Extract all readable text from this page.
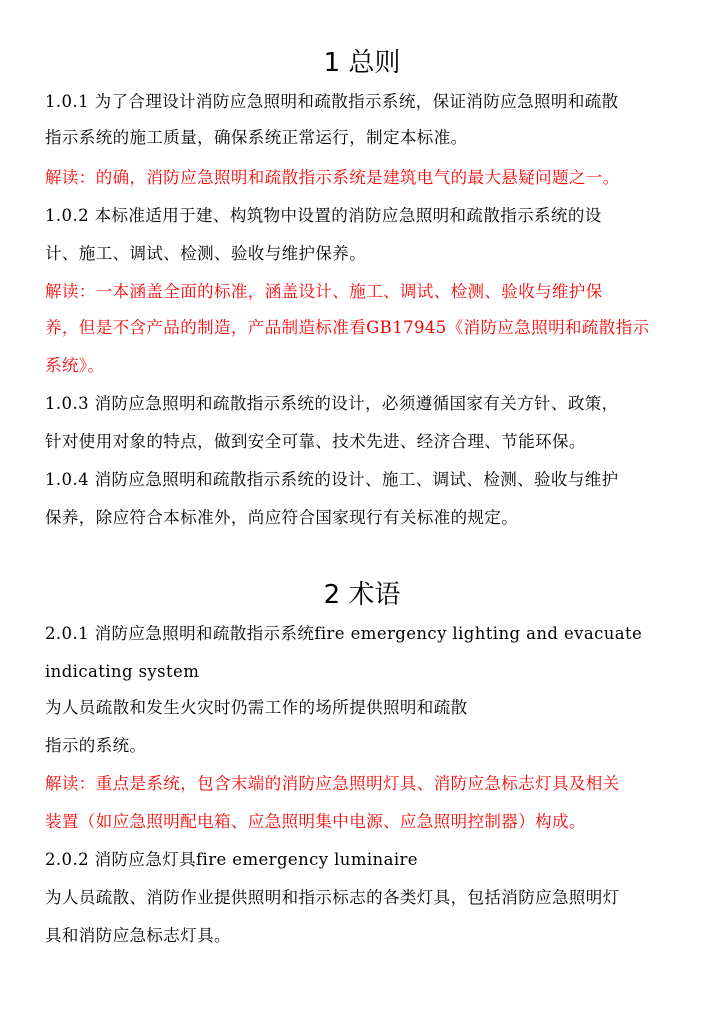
1 总则

1.0.1 为了合理设计消防应急照明和疏散指示系统，保证消防应急照明和疏散

指示系统的施工质量，确保系统正常运行，制定本标准。

解读：的确，消防应急照明和疏散指示系统是建筑电气的最大悬疑问题之一。

1.0.2 本标准适用于建、构筑物中设置的消防应急照明和疏散指示系统的设

计、施工、调试、检测、验收与维护保养。

解读：一本涵盖全面的标准，涵盖设计、施工、调试、检测、验收与维护保

养，但是不含产品的制造，产品制造标准看GB17945《消防应急照明和疏散指示

系统》。

1.0.3 消防应急照明和疏散指示系统的设计，必须遵循国家有关方针、政策，

针对使用对象的特点，做到安全可靠、技术先进、经济合理、节能环保。

1.0.4 消防应急照明和疏散指示系统的设计、施工、调试、检测、验收与维护

保养，除应符合本标准外，尚应符合国家现行有关标准的规定。

2 术语

2.0.1 消防应急照明和疏散指示系统fire emergency lighting and evacuate

indicating system

为人员疏散和发生火灾时仍需工作的场所提供照明和疏散

指示的系统。

解读：重点是系统，包含末端的消防应急照明灯具、消防应急标志灯具及相关

装置（如应急照明配电箱、应急照明集中电源、应急照明控制器）构成。

2.0.2 消防应急灯具fire emergency luminaire

为人员疏散、消防作业提供照明和指示标志的各类灯具，包括消防应急照明灯

具和消防应急标志灯具。
